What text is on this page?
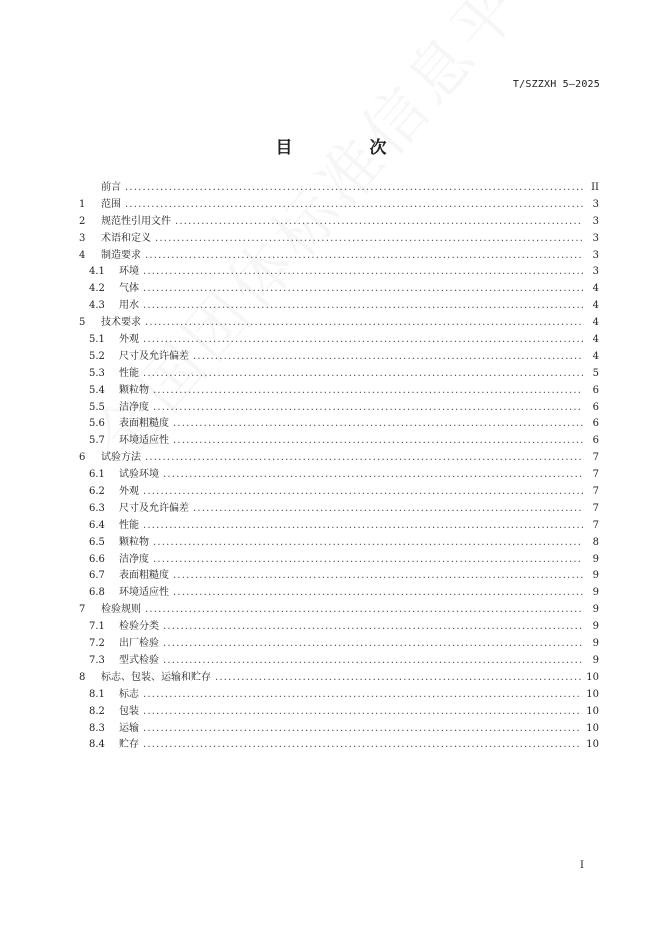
T/SZZXH 5—2025
目　次
前言 .....	II
1	范围 .....	3
2	规范性引用文件 .....	3
3	术语和定义 .....	3
4	制造要求 .....	3
4.1	环境 .....	3
4.2	气体 .....	4
4.3	用水 .....	4
5	技术要求 .....	4
5.1	外观 .....	4
5.2	尺寸及允许偏差 .....	4
5.3	性能 .....	5
5.4	颗粒物 .....	6
5.5	洁净度 .....	6
5.6	表面粗糙度 .....	6
5.7	环境适应性 .....	6
6	试验方法 .....	7
6.1	试验环境 .....	7
6.2	外观 .....	7
6.3	尺寸及允许偏差 .....	7
6.4	性能 .....	7
6.5	颗粒物 .....	8
6.6	洁净度 .....	9
6.7	表面粗糙度 .....	9
6.8	环境适应性 .....	9
7	检验规则 .....	9
7.1	检验分类 .....	9
7.2	出厂检验 .....	9
7.3	型式检验 .....	9
8	标志、包装、运输和贮存 .....	10
8.1	标志 .....	10
8.2	包装 .....	10
8.3	运输 .....	10
8.4	贮存 .....	10
I
